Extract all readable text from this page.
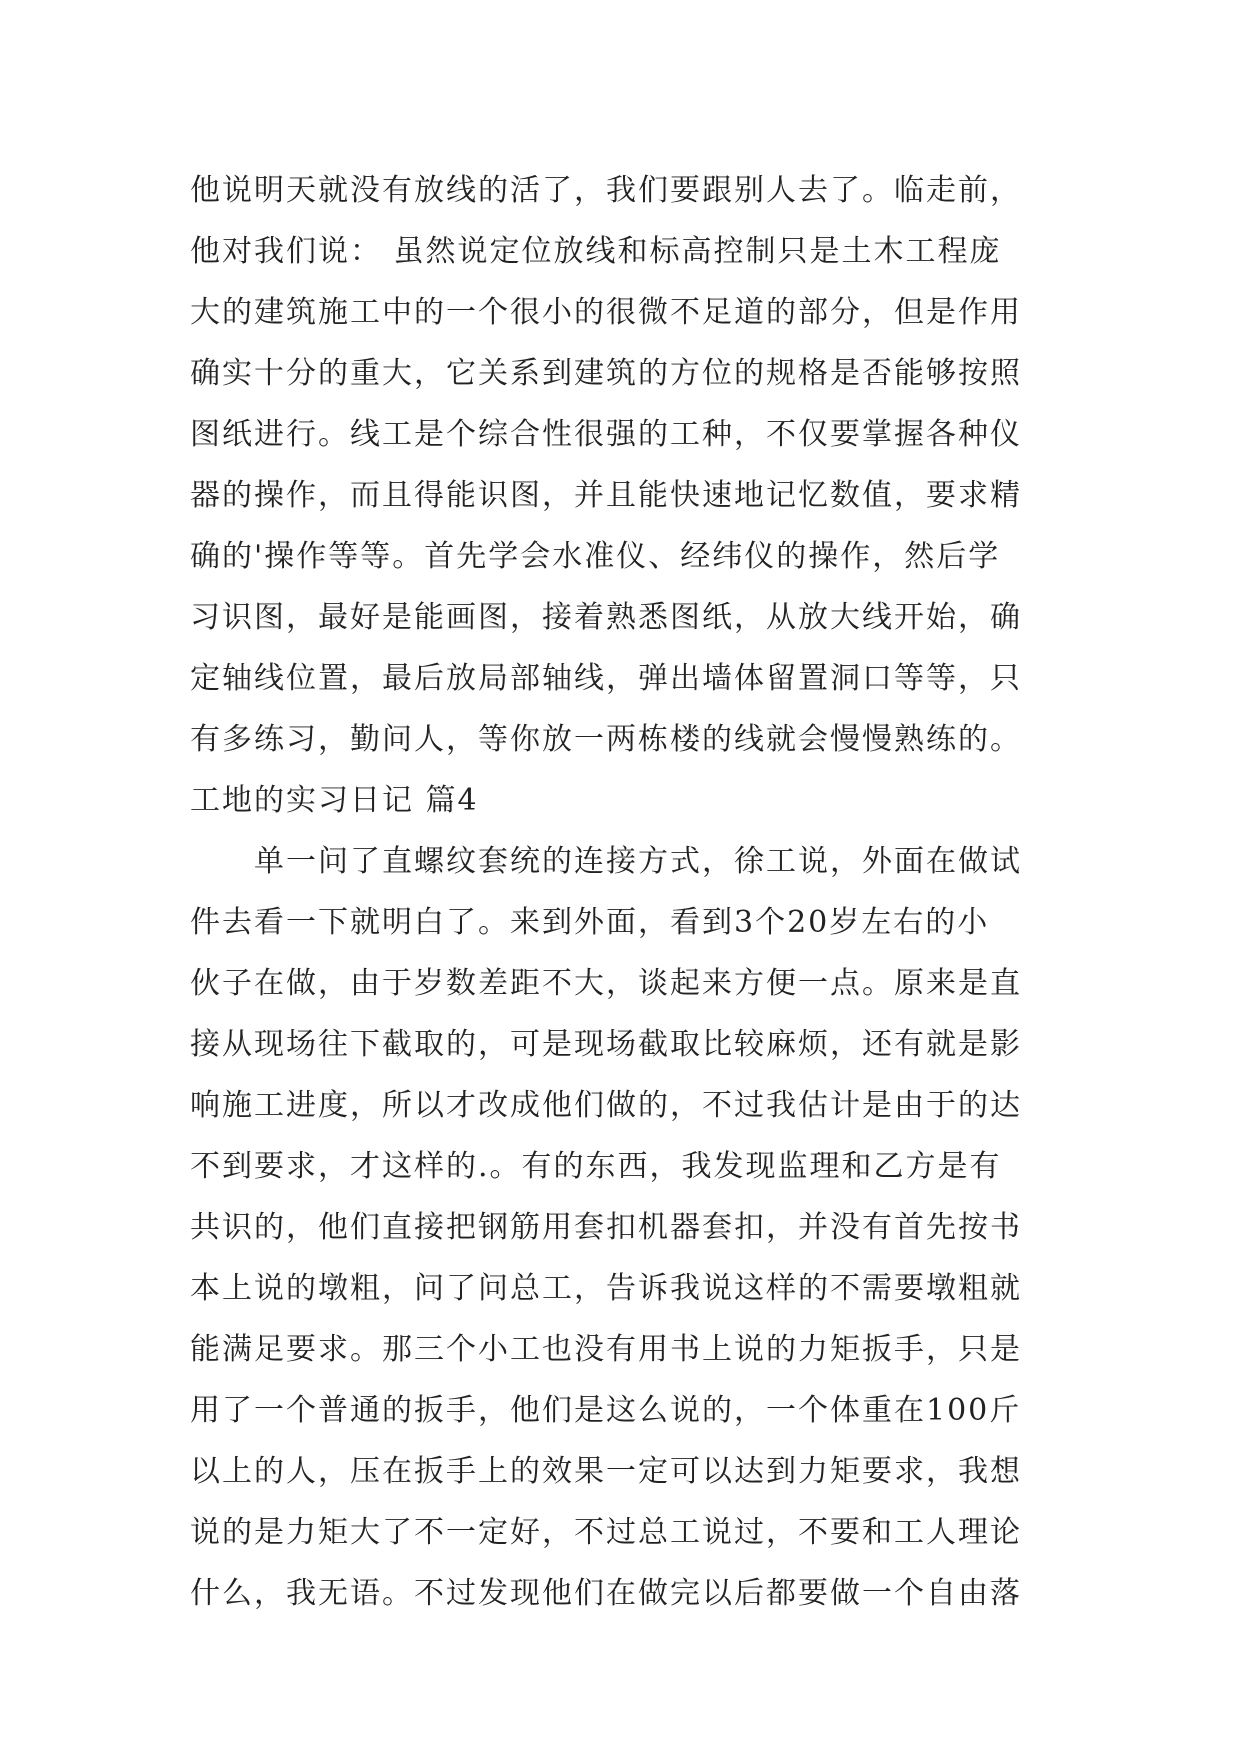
他说明天就没有放线的活了，我们要跟别人去了。临走前，
他对我们说： 虽然说定位放线和标高控制只是土木工程庞
大的建筑施工中的一个很小的很微不足道的部分，但是作用
确实十分的重大，它关系到建筑的方位的规格是否能够按照
图纸进行。线工是个综合性很强的工种，不仅要掌握各种仪
器的操作，而且得能识图，并且能快速地记忆数值，要求精
确的'操作等等。首先学会水准仪、经纬仪的操作，然后学
习识图，最好是能画图，接着熟悉图纸，从放大线开始，确
定轴线位置，最后放局部轴线，弹出墙体留置洞口等等，只
有多练习，勤问人，等你放一两栋楼的线就会慢慢熟练的。
工地的实习日记 篇4
单一问了直螺纹套统的连接方式，徐工说，外面在做试
件去看一下就明白了。来到外面，看到3个20岁左右的小
伙子在做，由于岁数差距不大，谈起来方便一点。原来是直
接从现场往下截取的，可是现场截取比较麻烦，还有就是影
响施工进度，所以才改成他们做的，不过我估计是由于的达
不到要求，才这样的.。有的东西，我发现监理和乙方是有
共识的，他们直接把钢筋用套扣机器套扣，并没有首先按书
本上说的墩粗，问了问总工，告诉我说这样的不需要墩粗就
能满足要求。那三个小工也没有用书上说的力矩扳手，只是
用了一个普通的扳手，他们是这么说的，一个体重在100斤
以上的人，压在扳手上的效果一定可以达到力矩要求，我想
说的是力矩大了不一定好，不过总工说过，不要和工人理论
什么，我无语。不过发现他们在做完以后都要做一个自由落
